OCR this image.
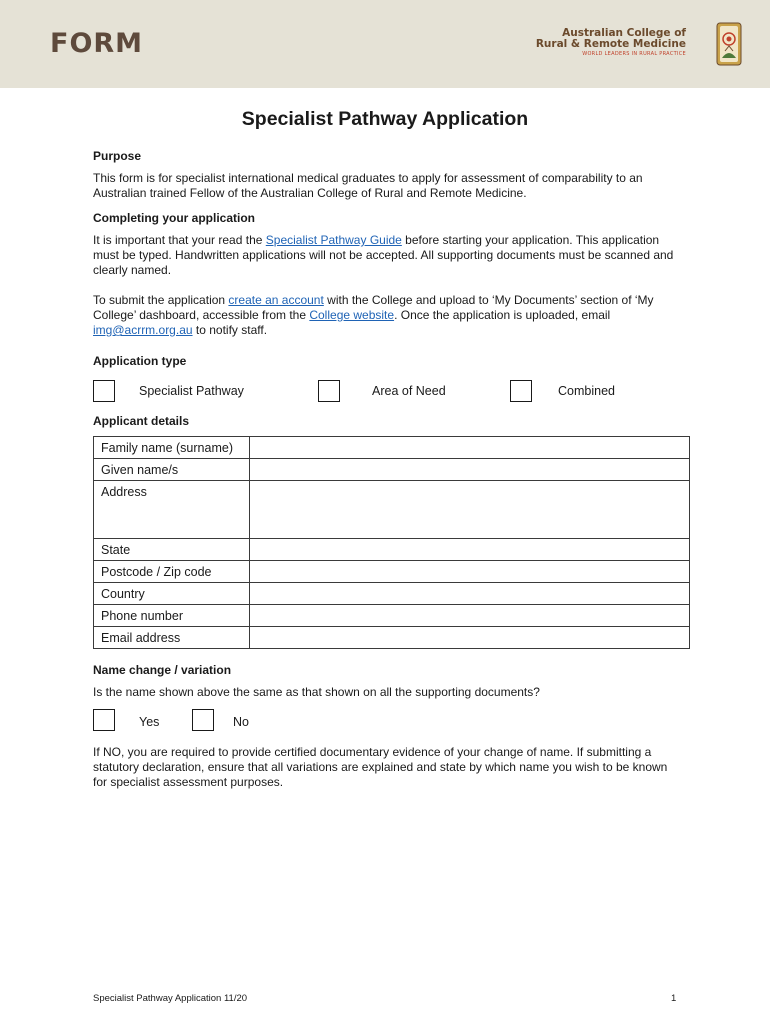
FORM	Australian College of
Rural & Remote Medicine
WORLD LEADERS IN RURAL PRACTICE
Specialist Pathway Application
Purpose
This form is for specialist international medical graduates to apply for assessment of comparability to an Australian trained Fellow of the Australian College of Rural and Remote Medicine.
Completing your application
It is important that your read the Specialist Pathway Guide before starting your application. This application must be typed. Handwritten applications will not be accepted. All supporting documents must be scanned and clearly named.
To submit the application create an account with the College and upload to ‘My Documents’ section of ‘My College’ dashboard, accessible from the College website. Once the application is uploaded, email img@acrrm.org.au to notify staff.
Application type
Specialist Pathway	Area of Need	Combined
Applicant details
Family name (surname)	
Given name/s	
Address	
State	
Postcode / Zip code	
Country	
Phone number	
Email address	
Name change / variation
Is the name shown above the same as that shown on all the supporting documents?
Yes	No
If NO, you are required to provide certified documentary evidence of your change of name. If submitting a statutory declaration, ensure that all variations are explained and state by which name you wish to be known for specialist assessment purposes.
Specialist Pathway Application 11/20	1
